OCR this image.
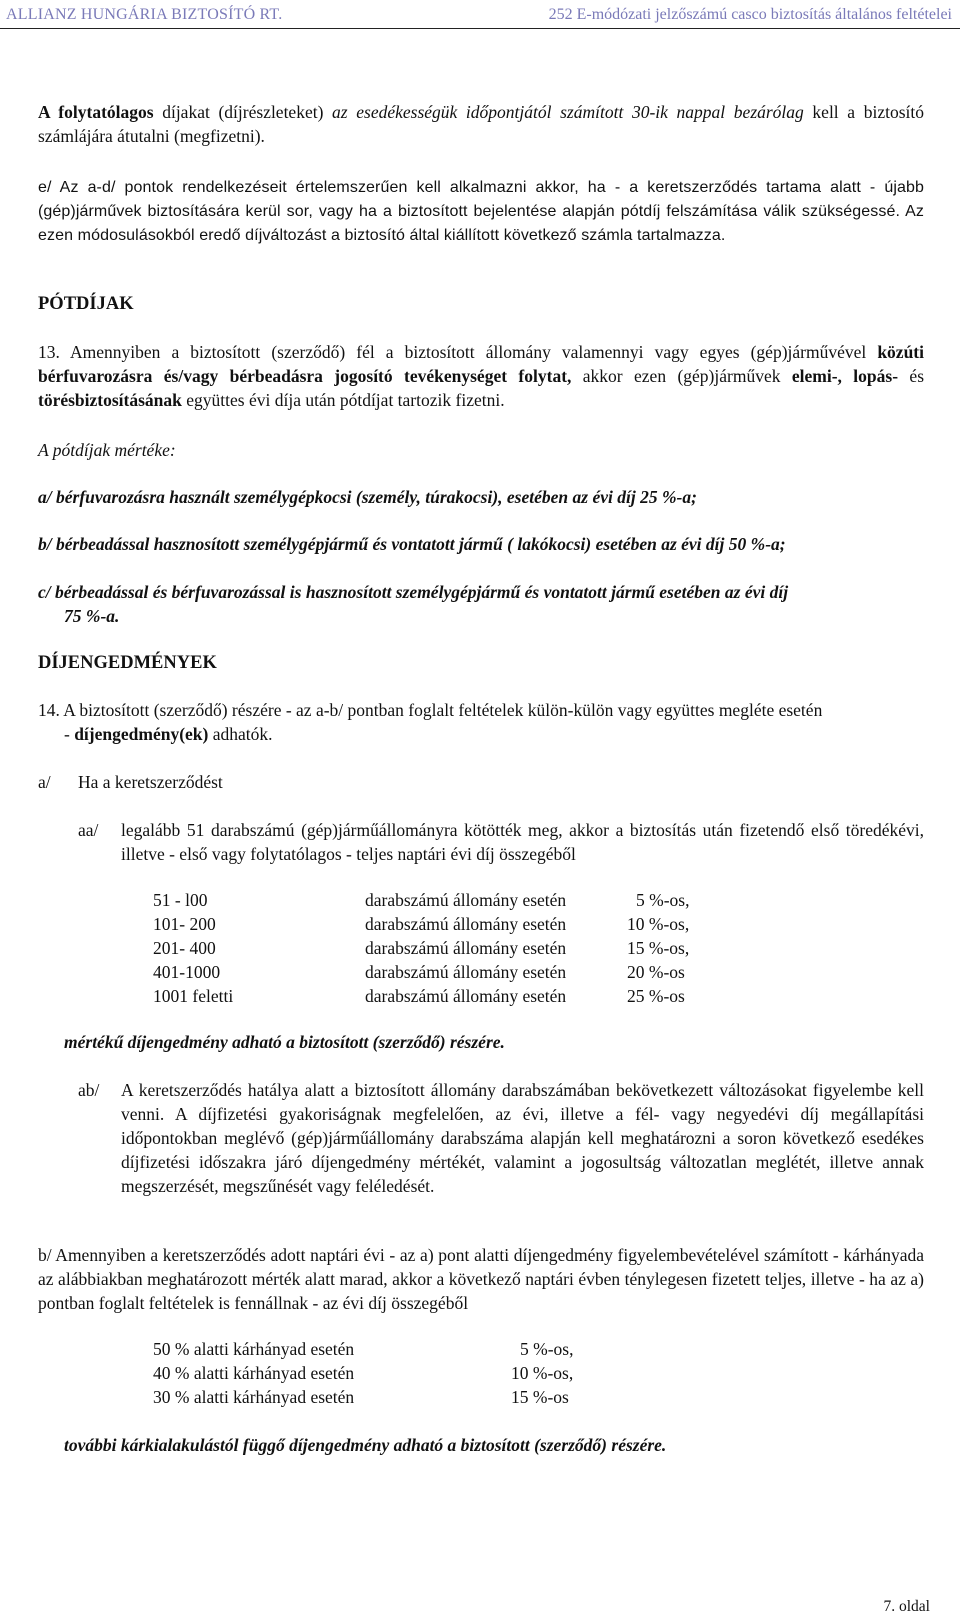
ALLIANZ HUNGÁRIA BIZTOSÍTÓ RT.	252 E-módózati jelzőszámú casco biztosítás általános feltételei

A folytatólagos díjakat (díjrészleteket) az esedékességük időpontjától számított 30-ik nappal bezárólag kell a biztosító számlájára átutalni (megfizetni).

e/ Az a-d/ pontok rendelkezéseit értelemszerűen kell alkalmazni akkor, ha - a keretszerződés tartama alatt - újabb (gép)járművek biztosítására kerül sor, vagy ha a biztosított bejelentése alapján pótdíj felszámítása válik szükségessé. Az ezen módosulásokból eredő díjváltozást a biztosító által kiállított következő számla tartalmazza.

PÓTDÍJAK

13. Amennyiben a biztosított (szerződő) fél a biztosított állomány valamennyi vagy egyes (gép)járművével közúti bérfuvarozásra és/vagy bérbeadásra jogosító tevékenységet folytat, akkor ezen (gép)járművek elemi-, lopás- és törésbiztosításának együttes évi díja után pótdíjat tartozik fizetni.

A pótdíjak mértéke:
a/ bérfuvarozásra használt személygépkocsi (személy, túrakocsi), esetében az évi díj 25 %-a;
b/ bérbeadással hasznosított személygépjármű és vontatott jármű ( lakókocsi) esetében az évi díj 50 %-a;
c/ bérbeadással és bérfuvarozással is hasznosított személygépjármű és vontatott jármű esetében az évi díj
75 %-a.
DÍJENGEDMÉNYEK
14. A biztosított (szerződő) részére - az a-b/ pontban foglalt feltételek külön-külön vagy együttes megléte esetén
- díjengedmény(ek) adhatók.
a/ Ha a keretszerződést
aa/ legalább 51 darabszámú (gép)járműállományra kötötték meg, akkor a biztosítás után fizetendő első töredékévi, illetve - első vagy folytatólagos - teljes naptári évi díj összegéből

51 - l00	darabszámú állomány esetén	5 %-os,
101- 200	darabszámú állomány esetén	10 %-os,
201- 400	darabszámú állomány esetén	15 %-os,
401-1000	darabszámú állomány esetén	20 %-os
1001 feletti	darabszámú állomány esetén	25 %-os
mértékű díjengedmény adható a biztosított (szerződő) részére.
ab/ A keretszerződés hatálya alatt a biztosított állomány darabszámában bekövetkezett változásokat figyelembe kell venni. A díjfizetési gyakoriságnak megfelelően, az évi, illetve a fél- vagy negyedévi díj megállapítási időpontokban meglévő (gép)járműállomány darabszáma alapján kell meghatározni a soron következő esedékes díjfizetési időszakra járó díjengedmény mértékét, valamint a jogosultság változatlan meglétét, illetve annak megszerzését, megszűnését vagy feléledését.

b/ Amennyiben a keretszerződés adott naptári évi - az a) pont alatti díjengedmény figyelembevételével számított - kárhányada az alábbiakban meghatározott mérték alatt marad, akkor a következő naptári évben ténylegesen fizetett teljes, illetve - ha az a) pontban foglalt feltételek is fennállnak - az évi díj összegéből

50 % alatti kárhányad esetén	5 %-os,
40 % alatti kárhányad esetén	10 %-os,
30 % alatti kárhányad esetén	15 %-os
további kárkialakulástól függő díjengedmény adható a biztosított (szerződő) részére.
7. oldal
